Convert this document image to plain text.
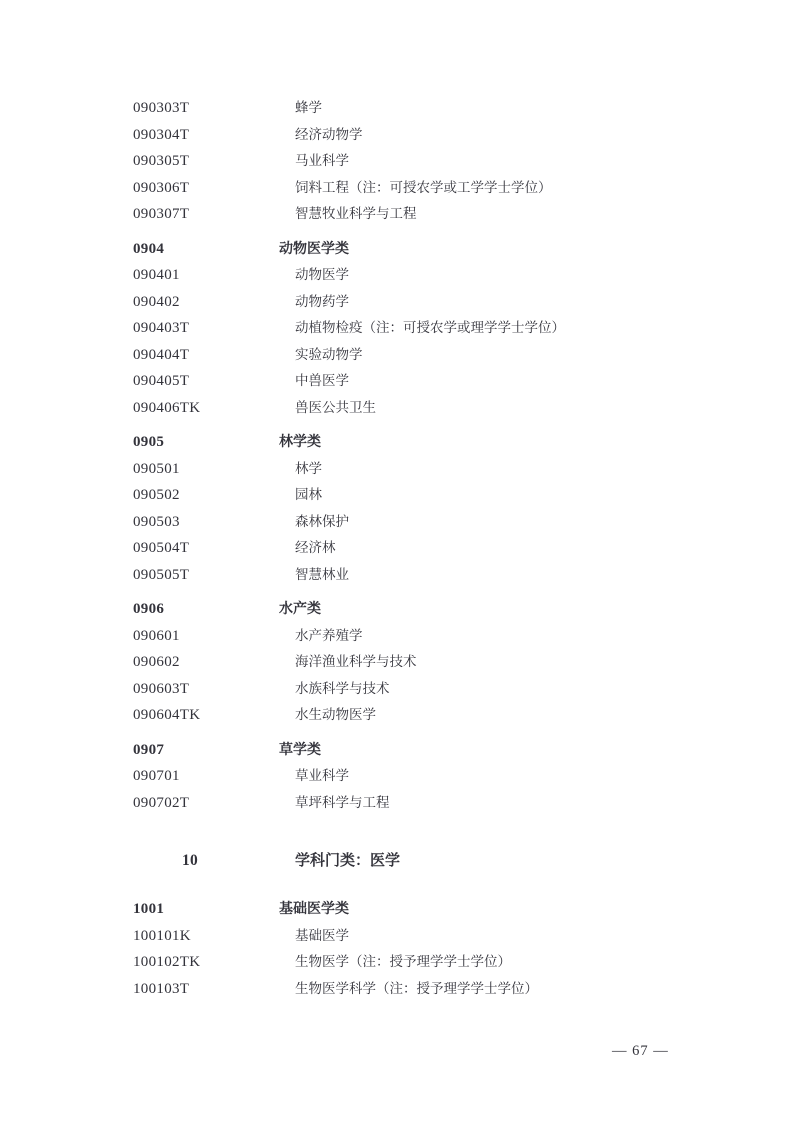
090303T	蜂学
090304T	经济动物学
090305T	马业科学
090306T	饲料工程（注：可授农学或工学学士学位）
090307T	智慧牧业科学与工程
0904	动物医学类
090401	动物医学
090402	动物药学
090403T	动植物检疫（注：可授农学或理学学士学位）
090404T	实验动物学
090405T	中兽医学
090406TK	兽医公共卫生
0905	林学类
090501	林学
090502	园林
090503	森林保护
090504T	经济林
090505T	智慧林业
0906	水产类
090601	水产养殖学
090602	海洋渔业科学与技术
090603T	水族科学与技术
090604TK	水生动物医学
0907	草学类
090701	草业科学
090702T	草坪科学与工程
10	学科门类：医学
1001	基础医学类
100101K	基础医学
100102TK	生物医学（注：授予理学学士学位）
100103T	生物医学科学（注：授予理学学士学位）
— 67 —
